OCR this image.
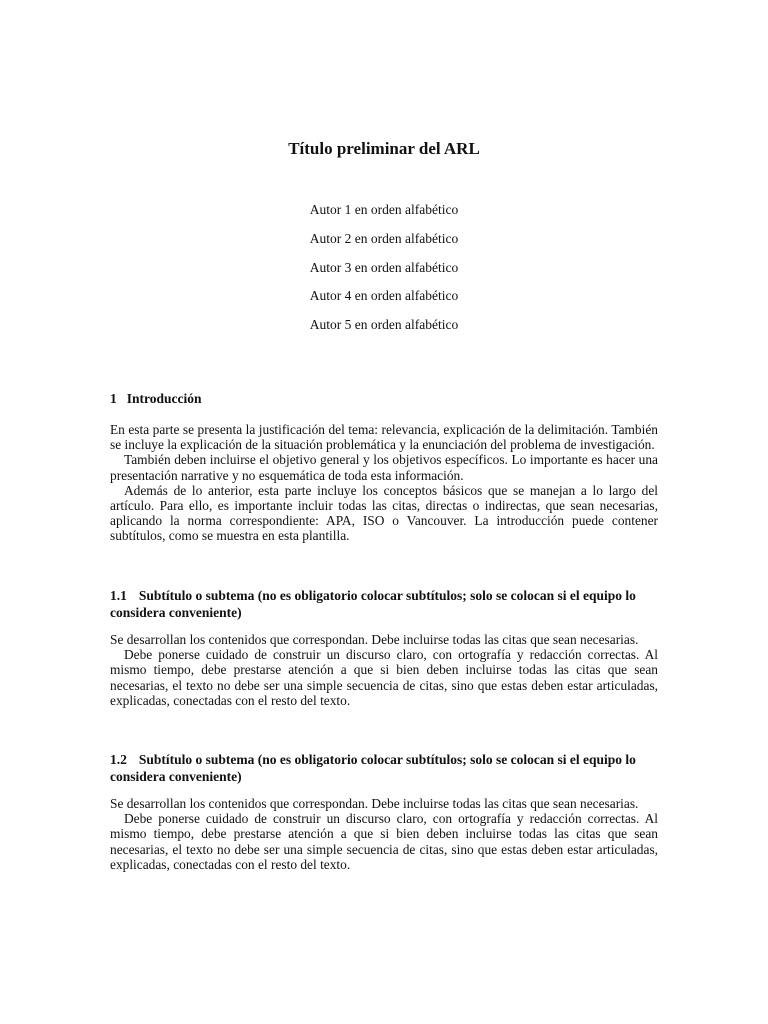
Título preliminar del ARL
Autor 1 en orden alfabético
Autor 2 en orden alfabético
Autor 3 en orden alfabético
Autor 4 en orden alfabético
Autor 5 en orden alfabético
1 Introducción

En esta parte se presenta la justificación del tema: relevancia, explicación de la delimitación. También se incluye la explicación de la situación problemática y la enunciación del problema de investigación.

También deben incluirse el objetivo general y los objetivos específicos. Lo importante es hacer una presentación narrative y no esquemática de toda esta información.

Además de lo anterior, esta parte incluye los conceptos básicos que se manejan a lo largo del artículo. Para ello, es importante incluir todas las citas, directas o indirectas, que sean necesarias, aplicando la norma correspondiente: APA, ISO o Vancouver. La introducción puede contener subtítulos, como se muestra en esta plantilla.

1.1 Subtítulo o subtema (no es obligatorio colocar subtítulos; solo se colocan si el equipo lo considera conveniente)

Se desarrollan los contenidos que correspondan. Debe incluirse todas las citas que sean necesarias.

Debe ponerse cuidado de construir un discurso claro, con ortografía y redacción correctas. Al mismo tiempo, debe prestarse atención a que si bien deben incluirse todas las citas que sean necesarias, el texto no debe ser una simple secuencia de citas, sino que estas deben estar articuladas, explicadas, conectadas con el resto del texto.

1.2 Subtítulo o subtema (no es obligatorio colocar subtítulos; solo se colocan si el equipo lo considera conveniente)

Se desarrollan los contenidos que correspondan. Debe incluirse todas las citas que sean necesarias.

Debe ponerse cuidado de construir un discurso claro, con ortografía y redacción correctas. Al mismo tiempo, debe prestarse atención a que si bien deben incluirse todas las citas que sean necesarias, el texto no debe ser una simple secuencia de citas, sino que estas deben estar articuladas, explicadas, conectadas con el resto del texto.
